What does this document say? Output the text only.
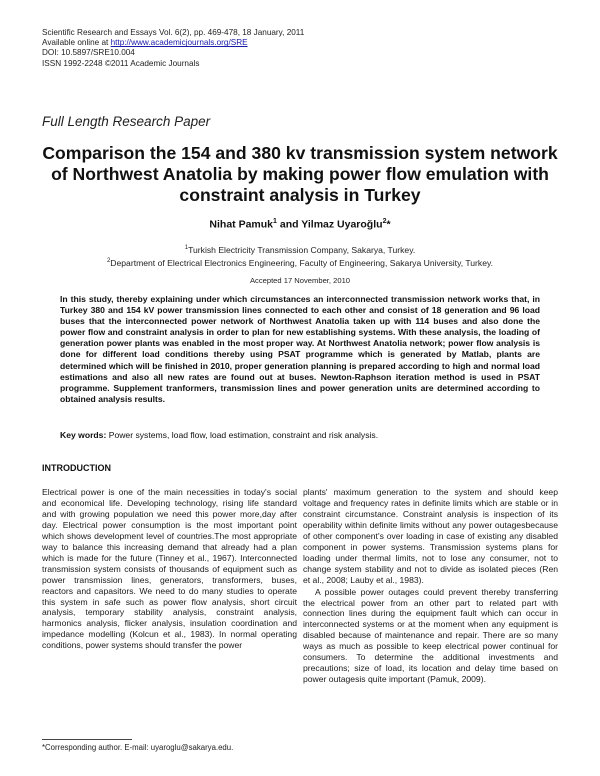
Scientific Research and Essays Vol. 6(2), pp. 469-478, 18 January, 2011
Available online at http://www.academicjournals.org/SRE
DOI: 10.5897/SRE10.004
ISSN 1992-2248 ©2011 Academic Journals
Full Length Research Paper
Comparison the 154 and 380 kv transmission system network of Northwest Anatolia by making power flow emulation with constraint analysis in Turkey
Nihat Pamuk$^1$ and Yilmaz Uyaroğlu$^2$*
$^1$Turkish Electricity Transmission Company, Sakarya, Turkey.
$^2$Department of Electrical Electronics Engineering, Faculty of Engineering, Sakarya University, Turkey.
Accepted 17 November, 2010
In this study, thereby explaining under which circumstances an interconnected transmission network works that, in Turkey 380 and 154 kV power transmission lines connected to each other and consist of 18 generation and 96 load buses that the interconnected power network of Northwest Anatolia taken up with 114 buses and also done the power flow and constraint analysis in order to plan for new establishing systems. With these analysis, the loading of generation power plants was enabled in the most proper way. At Northwest Anatolia network; power flow analysis is done for different load conditions thereby using PSAT programme which is generated by Matlab, plants are determined which will be finished in 2010, proper generation planning is prepared according to high and normal load estimations and also all new rates are found out at buses. Newton-Raphson iteration method is used in PSAT programme. Supplement tranformers, transmission lines and power generation units are determined according to obtained analysis results.
Key words: Power systems, load flow, load estimation, constraint and risk analysis.
INTRODUCTION

Electrical power is one of the main necessities in today's social and economical life. Developing technology, rising life standard and with growing population we need this power more,day after day. Electrical power consumption is the most important point which shows development level of countries.The most appropriate way to balance this increasing demand that already had a plan which is made for the future (Tinney et al., 1967). Interconnected transmission system consists of thousands of equipment such as power transmission lines, generators, transformers, buses, reactors and capasitors. We need to do many studies to operate this system in safe such as power flow analysis, short circuit analysis, temporary stability analysis, constraint analysis, harmonics analysis, flicker analysis, insulation coordination and impedance modelling (Kolcun et al., 1983). In normal operating conditions, power systems should transfer the power

plants' maximum generation to the system and should keep voltage and frequency rates in definite limits which are stable or in constraint circumstance. Constraint analysis is inspection of its operability within definite limits without any power outagesbecause of other component's over loading in case of existing any disabled component in power systems. Transmission systems plans for loading under thermal limits, not to lose any consumer, not to change system stability and not to divide as isolated pieces (Ren et al., 2008; Lauby et al., 1983).

A possible power outages could prevent thereby transferring the electrical power from an other part to related part with connection lines during the equipment fault which can occur in interconnected systems or at the moment when any equipment is disabled because of maintenance and repair. There are so many ways as much as possible to keep electrical power continual for consumers. To determine the additional investments and precautions; size of load, its location and delay time based on power outagesis quite important (Pamuk, 2009).

*Corresponding author. E-mail: uyaroglu@sakarya.edu.
